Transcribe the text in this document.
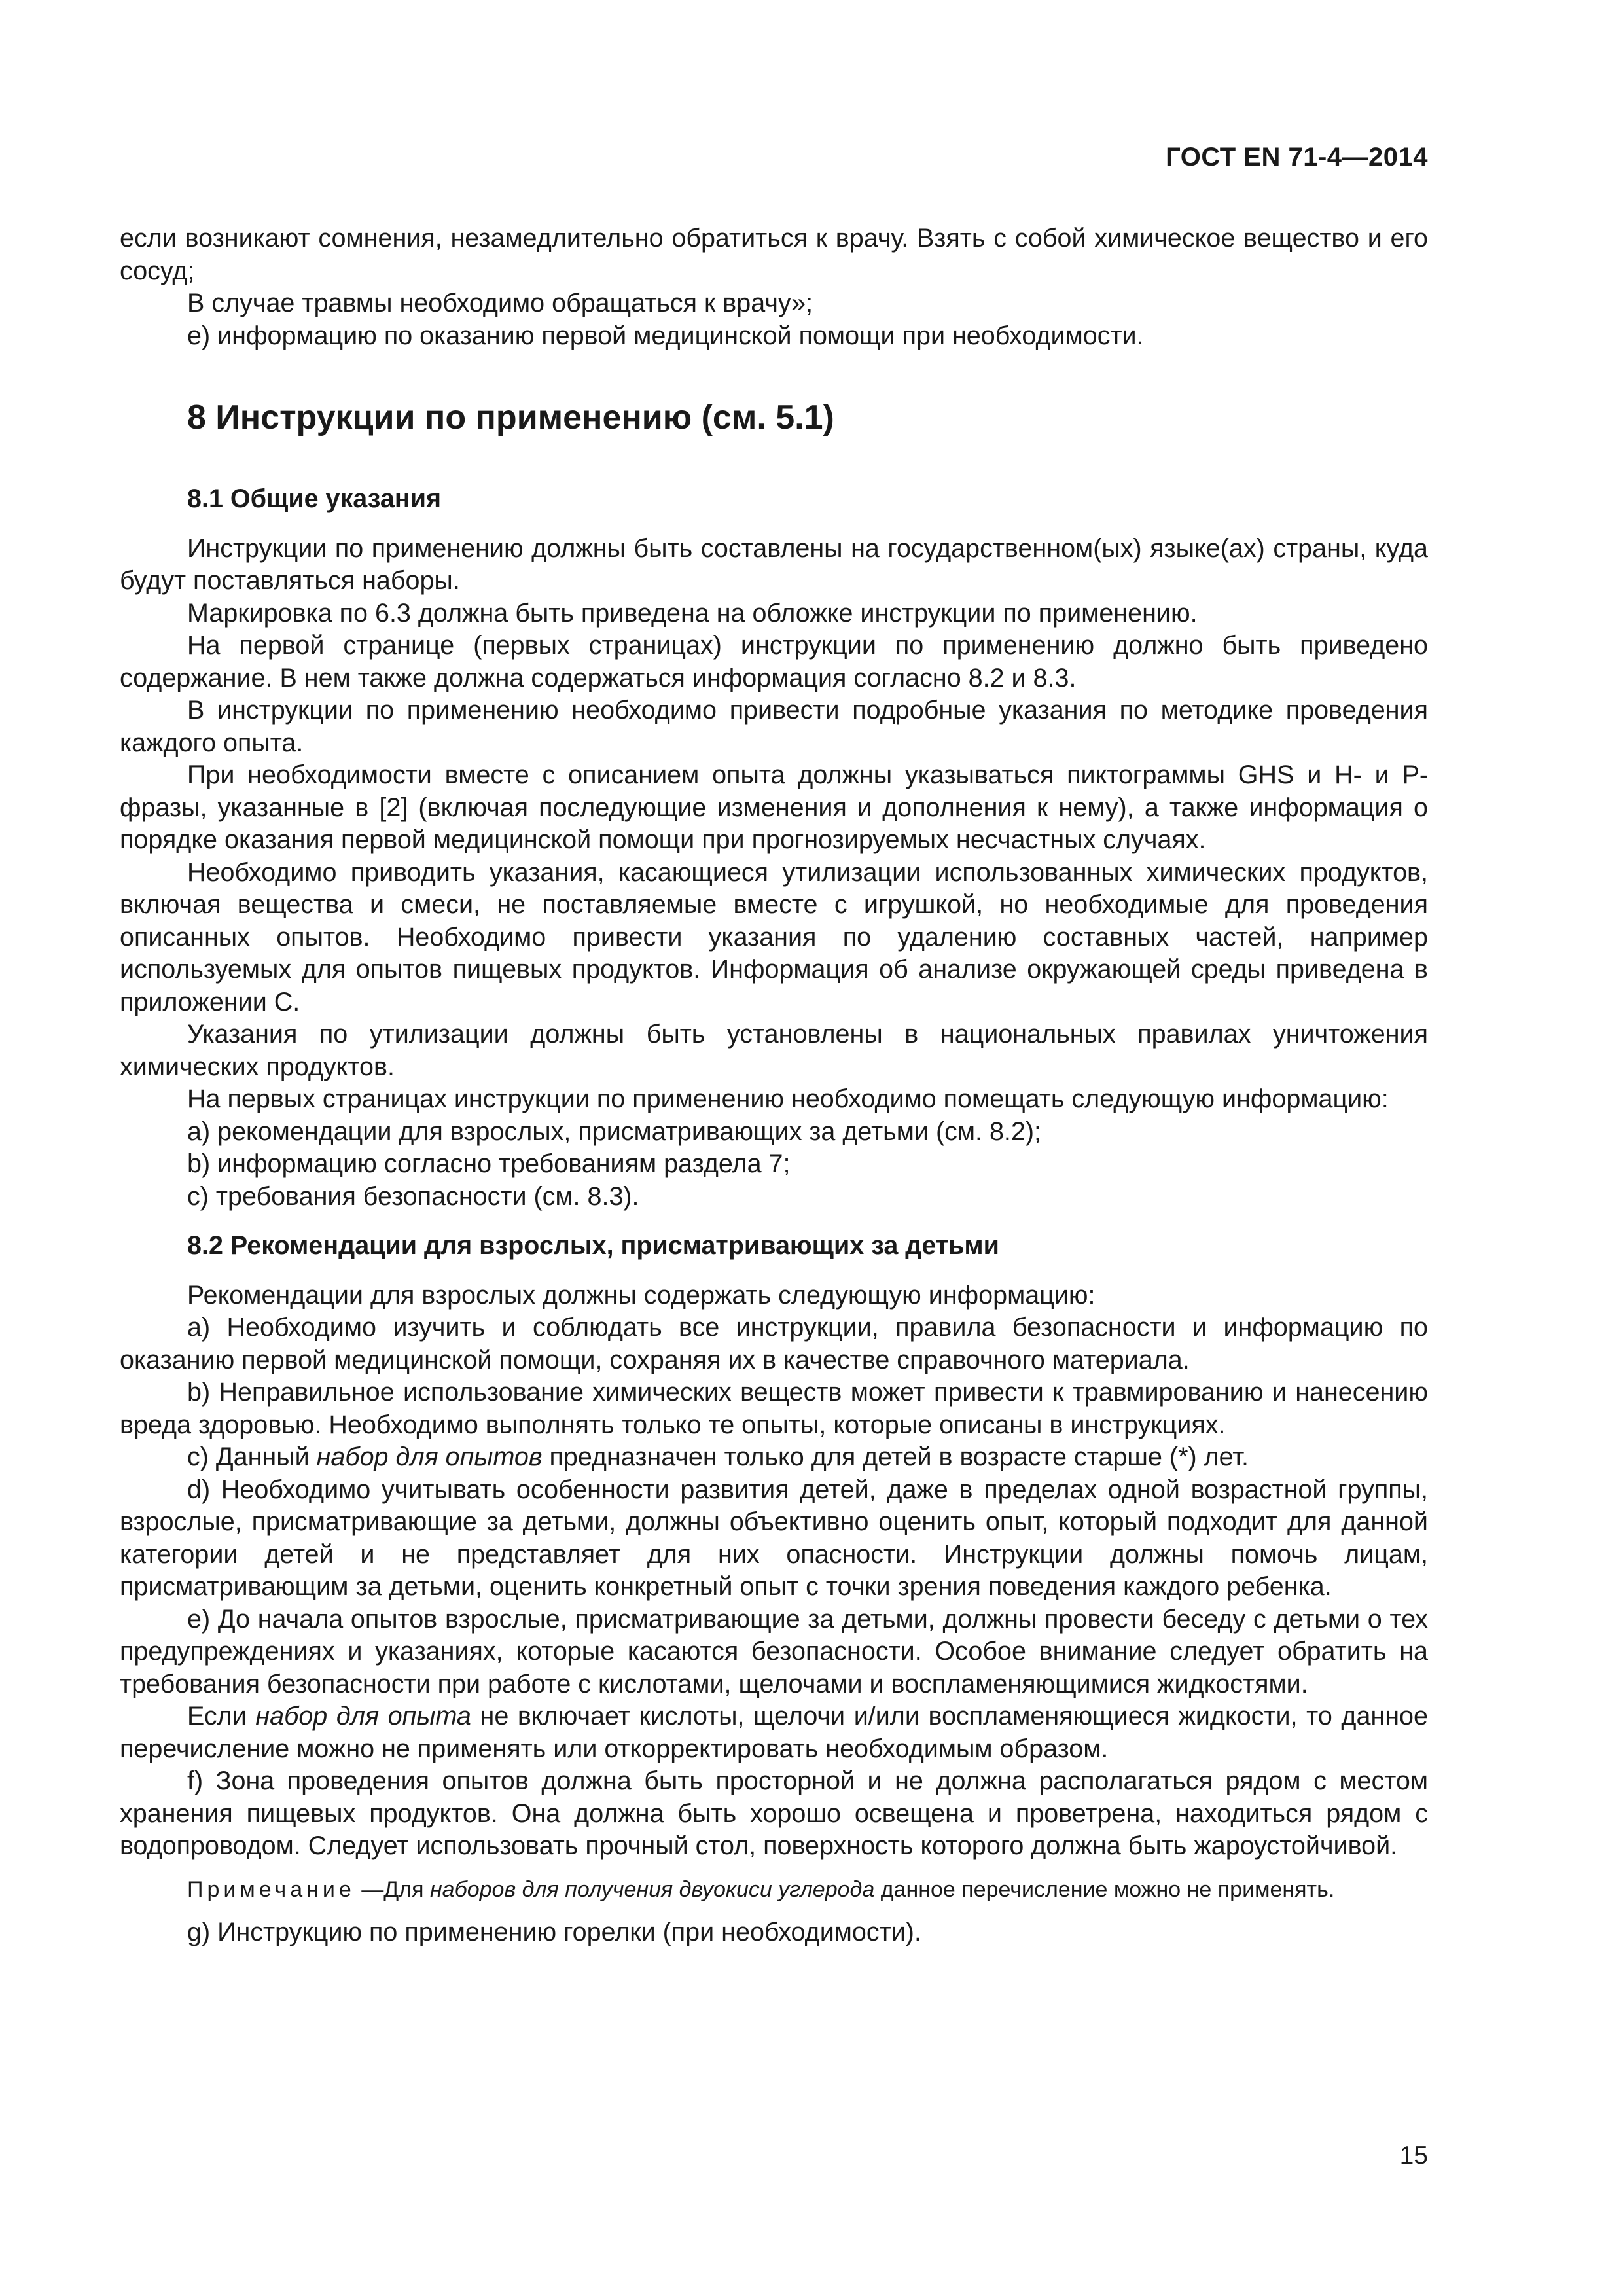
ГОСТ EN 71-4—2014

если возникают сомнения, незамедлительно обратиться к врачу. Взять с собой химическое вещество и его сосуд;

В случае травмы необходимо обращаться к врачу»;

е) информацию по оказанию первой медицинской помощи при необходимости.

8 Инструкции по применению (см. 5.1)
8.1 Общие указания

Инструкции по применению должны быть составлены на государственном(ых) языке(ах) страны, куда будут поставляться наборы.

Маркировка по 6.3 должна быть приведена на обложке инструкции по применению.

На первой странице (первых страницах) инструкции по применению должно быть приведено содержание. В нем также должна содержаться информация согласно 8.2 и 8.3.

В инструкции по применению необходимо привести подробные указания по методике проведения каждого опыта.

При необходимости вместе с описанием опыта должны указываться пиктограммы GHS и H- и P-фразы, указанные в [2] (включая последующие изменения и дополнения к нему), а также информация о порядке оказания первой медицинской помощи при прогнозируемых несчастных случаях.

Необходимо приводить указания, касающиеся утилизации использованных химических продуктов, включая вещества и смеси, не поставляемые вместе с игрушкой, но необходимые для проведения описанных опытов. Необходимо привести указания по удалению составных частей, например используемых для опытов пищевых продуктов. Информация об анализе окружающей среды приведена в приложении С.

Указания по утилизации должны быть установлены в национальных правилах уничтожения химических продуктов.

На первых страницах инструкции по применению необходимо помещать следующую информацию:

a) рекомендации для взрослых, присматривающих за детьми (см. 8.2);

b) информацию согласно требованиям раздела 7;

c) требования безопасности (см. 8.3).

8.2 Рекомендации для взрослых, присматривающих за детьми

Рекомендации для взрослых должны содержать следующую информацию:

а) Необходимо изучить и соблюдать все инструкции, правила безопасности и информацию по оказанию первой медицинской помощи, сохраняя их в качестве справочного материала.

b) Неправильное использование химических веществ может привести к травмированию и нанесению вреда здоровью. Необходимо выполнять только те опыты, которые описаны в инструкциях.

c) Данный набор для опытов предназначен только для детей в возрасте старше (*) лет.

d) Необходимо учитывать особенности развития детей, даже в пределах одной возрастной группы, взрослые, присматривающие за детьми, должны объективно оценить опыт, который подходит для данной категории детей и не представляет для них опасности. Инструкции должны помочь лицам, присматривающим за детьми, оценить конкретный опыт с точки зрения поведения каждого ребенка.

e) До начала опытов взрослые, присматривающие за детьми, должны провести беседу с детьми о тех предупреждениях и указаниях, которые касаются безопасности. Особое внимание следует обратить на требования безопасности при работе с кислотами, щелочами и воспламеняющимися жидкостями.

Если набор для опыта не включает кислоты, щелочи и/или воспламеняющиеся жидкости, то данное перечисление можно не применять или откорректировать необходимым образом.

f) Зона проведения опытов должна быть просторной и не должна располагаться рядом с местом хранения пищевых продуктов. Она должна быть хорошо освещена и проветрена, находиться рядом с водопроводом. Следует использовать прочный стол, поверхность которого должна быть жароустойчивой.

Примечание —Для наборов для получения двуокиси углерода данное перечисление можно не применять.

g) Инструкцию по применению горелки (при необходимости).

15
